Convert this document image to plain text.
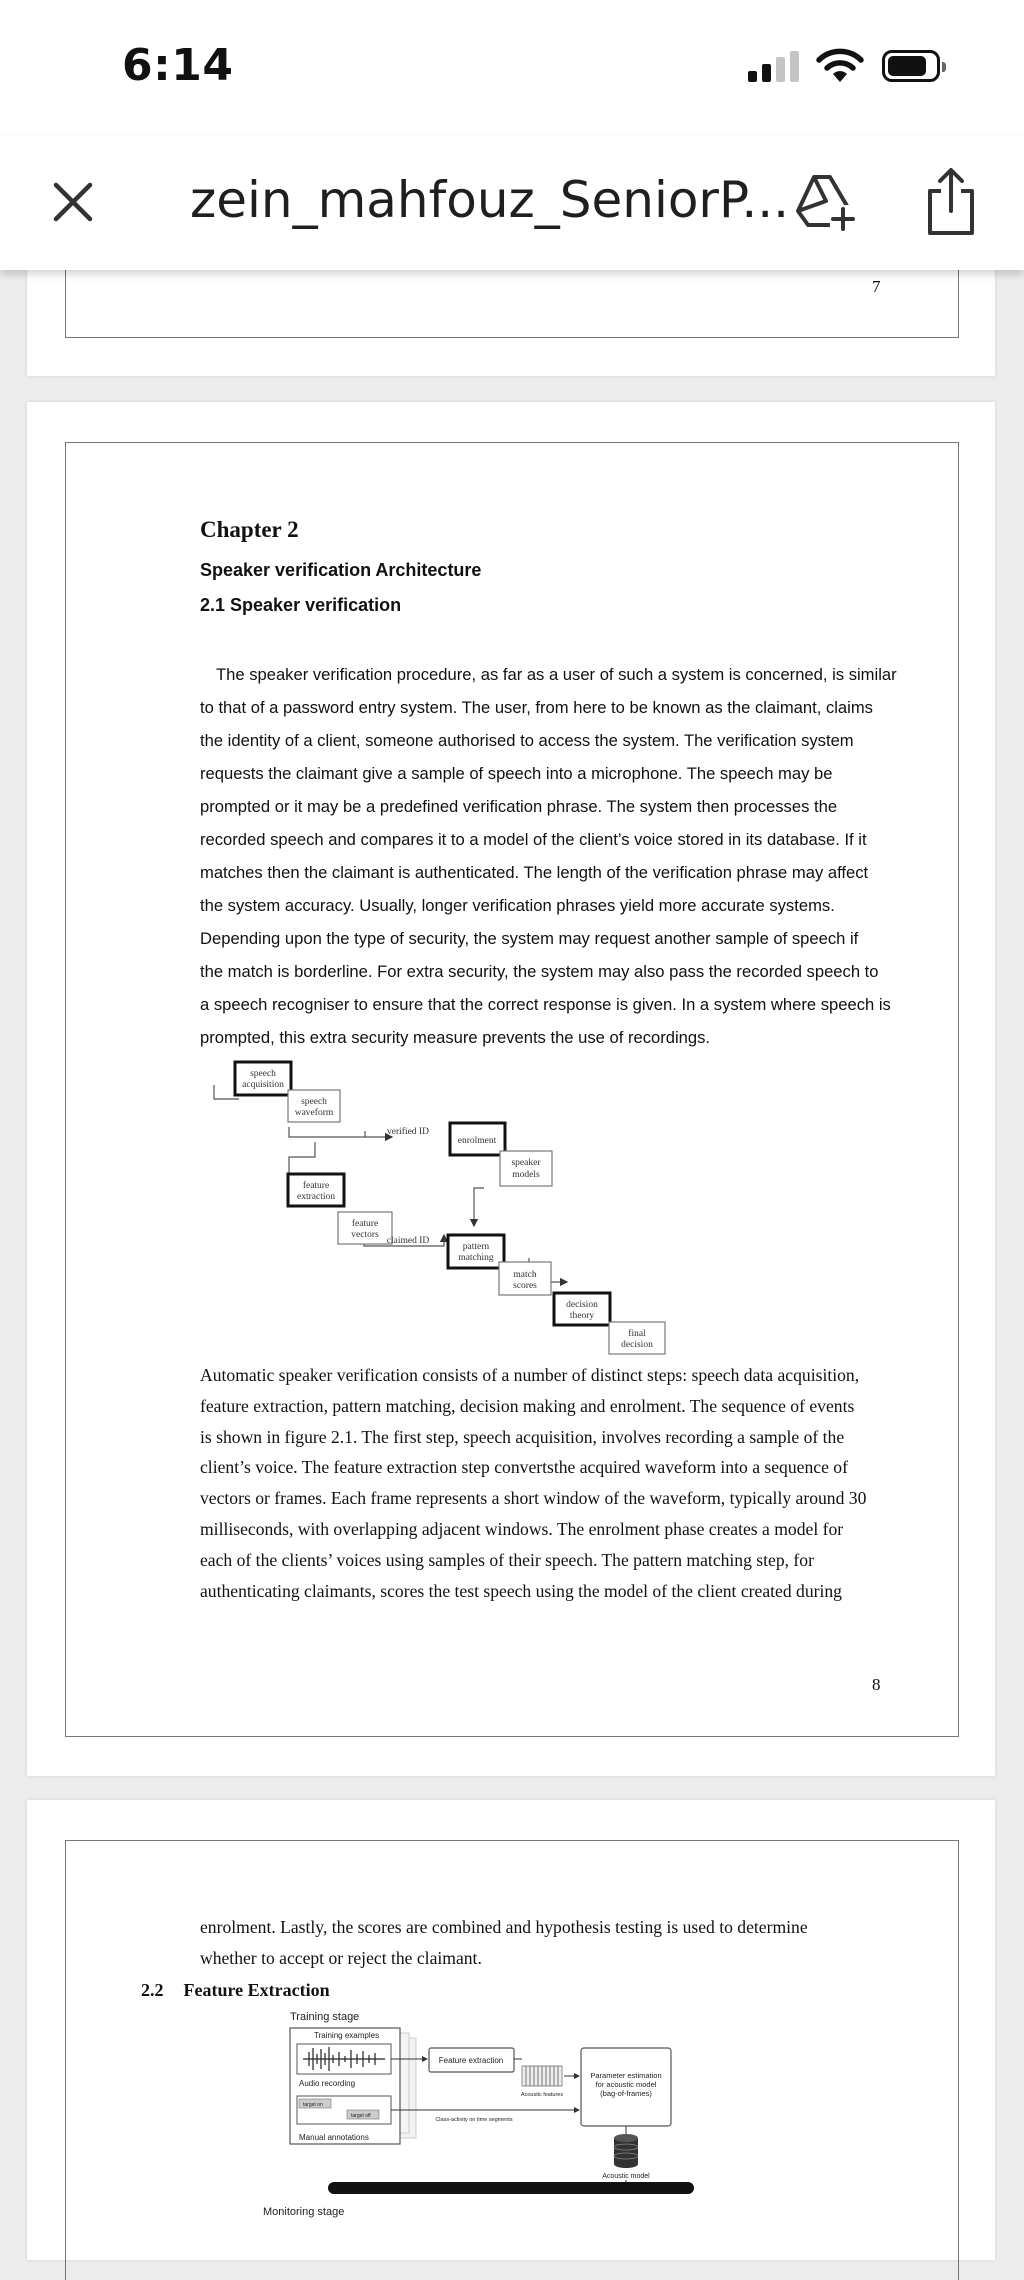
6:14
zein_mahfouz_SeniorP...
7
Chapter 2
Speaker verification Architecture
2.1 Speaker verification
The speaker verification procedure, as far as a user of such a system is concerned, is similar
to that of a password entry system. The user, from here to be known as the claimant, claims
the identity of a client, someone authorised to access the system. The verification system
requests the claimant give a sample of speech into a microphone. The speech may be
prompted or it may be a predefined verification phrase. The system then processes the
recorded speech and compares it to a model of the client’s voice stored in its database. If it
matches then the claimant is authenticated. The length of the verification phrase may affect
the system accuracy. Usually, longer verification phrases yield more accurate systems.
Depending upon the type of security, the system may request another sample of speech if
the match is borderline. For extra security, the system may also pass the recorded speech to
a speech recogniser to ensure that the correct response is given. In a system where speech is
prompted, this extra security measure prevents the use of recordings.
speech
acquisition
speech
waveform
verified ID
enrolment
feature
extraction
speaker
models
feature
vectors
claimed ID
pattern
matching
match
scores
decision
theory
final
decision
Automatic speaker verification consists of a number of distinct steps: speech data acquisition,
feature extraction, pattern matching, decision making and enrolment. The sequence of events
is shown in figure 2.1. The first step, speech acquisition, involves recording a sample of the
client’s voice. The feature extraction step convertsthe acquired waveform into a sequence of
vectors or frames. Each frame represents a short window of the waveform, typically around 30
milliseconds, with overlapping adjacent windows. The enrolment phase creates a model for
each of the clients’ voices using samples of their speech. The pattern matching step, for
authenticating claimants, scores the test speech using the model of the client created during
8
enrolment. Lastly, the scores are combined and hypothesis testing is used to determine
whether to accept or reject the claimant.
2.2 Feature Extraction
Training stage
Training examples
Audio recording
target on
target off
Manual annotations
Feature extraction
Class-activity on time segments
Acoustic features
Parameter estimation
for acoustic model
(bag-of-frames)
Acoustic model
Monitoring stage
